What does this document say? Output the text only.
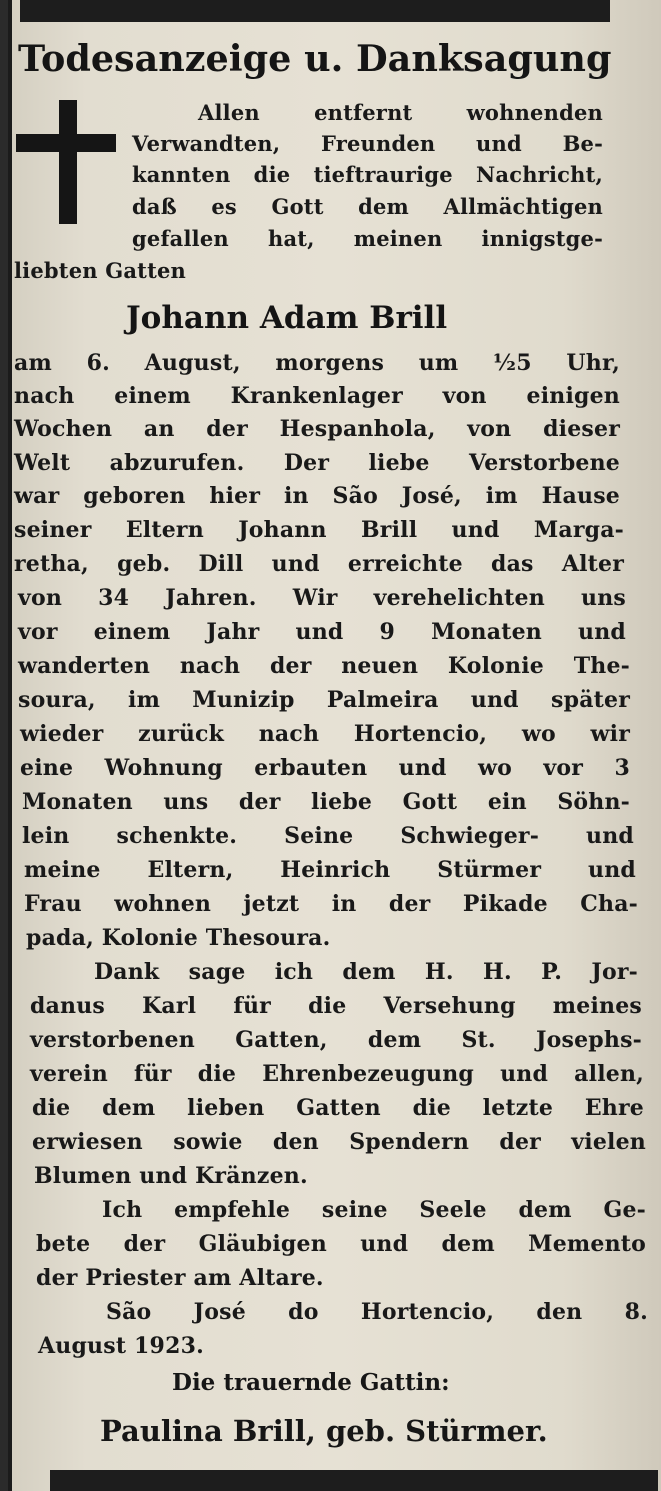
Todesanzeige u. Danksagung
Allen entfernt wohnenden
Verwandten, Freunden und Be-
kannten die tieftraurige Nachricht,
daß es Gott dem Allmächtigen
gefallen hat, meinen innigstge-
liebten Gatten
Johann Adam Brill
am 6. August, morgens um ½5 Uhr,
nach einem Krankenlager von einigen
Wochen an der Hespanhola, von dieser
Welt abzurufen. Der liebe Verstorbene
war geboren hier in São José, im Hause
seiner Eltern Johann Brill und Marga-
retha, geb. Dill und erreichte das Alter
von 34 Jahren. Wir verehelichten uns
vor einem Jahr und 9 Monaten und
wanderten nach der neuen Kolonie The-
soura, im Munizip Palmeira und später
wieder zurück nach Hortencio, wo wir
eine Wohnung erbauten und wo vor 3
Monaten uns der liebe Gott ein Söhn-
lein schenkte. Seine Schwieger- und
meine Eltern, Heinrich Stürmer und
Frau wohnen jetzt in der Pikade Cha-
pada, Kolonie Thesoura.
Dank sage ich dem H. H. P. Jor-
danus Karl für die Versehung meines
verstorbenen Gatten, dem St. Josephs-
verein für die Ehrenbezeugung und allen,
die dem lieben Gatten die letzte Ehre
erwiesen sowie den Spendern der vielen
Blumen und Kränzen.
Ich empfehle seine Seele dem Ge-
bete der Gläubigen und dem Memento
der Priester am Altare.
São José do Hortencio, den 8.
August 1923.
Die trauernde Gattin:
Paulina Brill, geb. Stürmer.
